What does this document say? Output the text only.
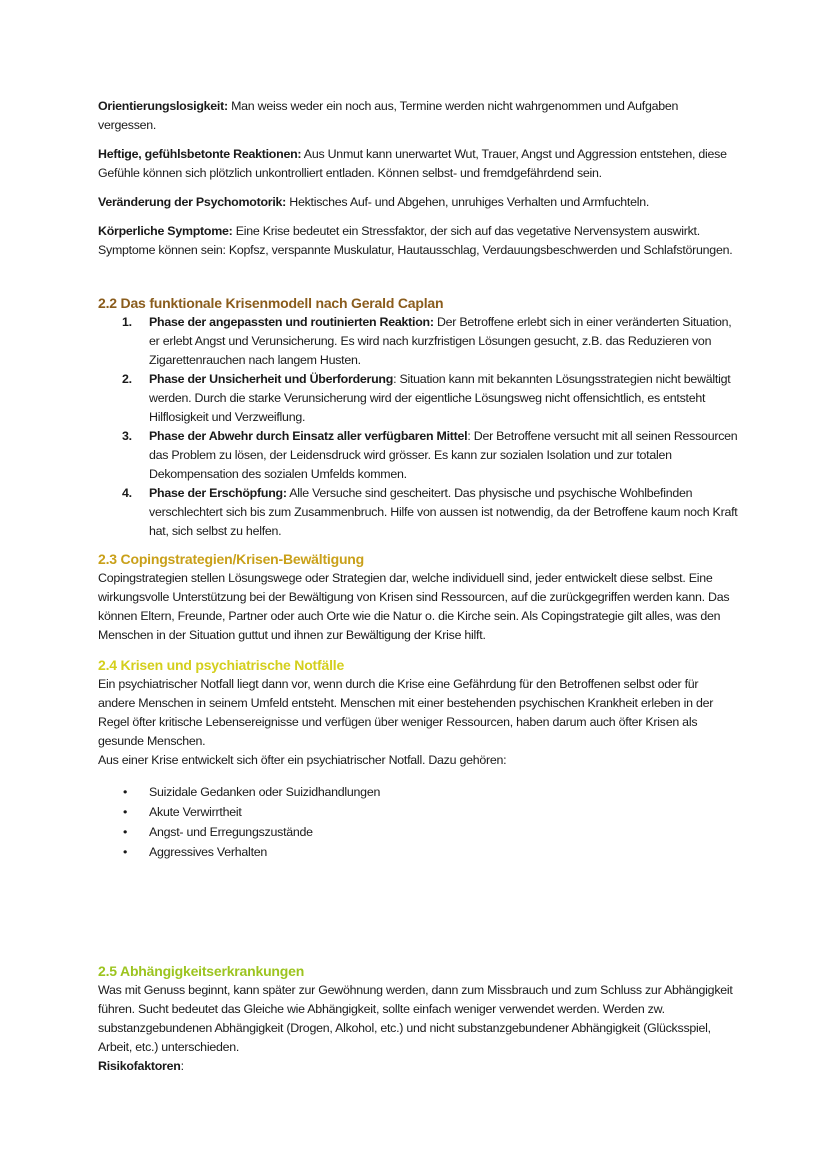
Orientierungslosigkeit: Man weiss weder ein noch aus, Termine werden nicht wahrgenommen und Aufgaben vergessen.

Heftige, gefühlsbetonte Reaktionen: Aus Unmut kann unerwartet Wut, Trauer, Angst und Aggression entstehen, diese Gefühle können sich plötzlich unkontrolliert entladen. Können selbst- und fremdgefährdend sein.

Veränderung der Psychomotorik: Hektisches Auf- und Abgehen, unruhiges Verhalten und Armfuchteln.

Körperliche Symptome: Eine Krise bedeutet ein Stressfaktor, der sich auf das vegetative Nervensystem auswirkt. Symptome können sein: Kopfsz, verspannte Muskulatur, Hautausschlag, Verdauungsbeschwerden und Schlafstörungen.

2.2 Das funktionale Krisenmodell nach Gerald Caplan
1. Phase der angepassten und routinierten Reaktion: Der Betroffene erlebt sich in einer veränderten Situation, er erlebt Angst und Verunsicherung. Es wird nach kurzfristigen Lösungen gesucht, z.B. das Reduzieren von Zigarettenrauchen nach langem Husten.
2. Phase der Unsicherheit und Überforderung: Situation kann mit bekannten Lösungsstrategien nicht bewältigt werden. Durch die starke Verunsicherung wird der eigentliche Lösungsweg nicht offensichtlich, es entsteht Hilflosigkeit und Verzweiflung.
3. Phase der Abwehr durch Einsatz aller verfügbaren Mittel: Der Betroffene versucht mit all seinen Ressourcen das Problem zu lösen, der Leidensdruck wird grösser. Es kann zur sozialen Isolation und zur totalen Dekompensation des sozialen Umfelds kommen.
4. Phase der Erschöpfung: Alle Versuche sind gescheitert. Das physische und psychische Wohlbefinden verschlechtert sich bis zum Zusammenbruch. Hilfe von aussen ist notwendig, da der Betroffene kaum noch Kraft hat, sich selbst zu helfen.
2.3 Copingstrategien/Krisen-Bewältigung

Copingstrategien stellen Lösungswege oder Strategien dar, welche individuell sind, jeder entwickelt diese selbst. Eine wirkungsvolle Unterstützung bei der Bewältigung von Krisen sind Ressourcen, auf die zurückgegriffen werden kann. Das können Eltern, Freunde, Partner oder auch Orte wie die Natur o. die Kirche sein. Als Copingstrategie gilt alles, was den Menschen in der Situation guttut und ihnen zur Bewältigung der Krise hilft.

2.4 Krisen und psychiatrische Notfälle

Ein psychiatrischer Notfall liegt dann vor, wenn durch die Krise eine Gefährdung für den Betroffenen selbst oder für andere Menschen in seinem Umfeld entsteht. Menschen mit einer bestehenden psychischen Krankheit erleben in der Regel öfter kritische Lebensereignisse und verfügen über weniger Ressourcen, haben darum auch öfter Krisen als gesunde Menschen.

Aus einer Krise entwickelt sich öfter ein psychiatrischer Notfall. Dazu gehören:

• Suizidale Gedanken oder Suizidhandlungen
• Akute Verwirrtheit
• Angst- und Erregungszustände
• Aggressives Verhalten
2.5 Abhängigkeitserkrankungen

Was mit Genuss beginnt, kann später zur Gewöhnung werden, dann zum Missbrauch und zum Schluss zur Abhängigkeit führen. Sucht bedeutet das Gleiche wie Abhängigkeit, sollte einfach weniger verwendet werden. Werden zw. substanzgebundenen Abhängigkeit (Drogen, Alkohol, etc.) und nicht substanzgebundener Abhängigkeit (Glücksspiel, Arbeit, etc.) unterschieden.

Risikofaktoren:
